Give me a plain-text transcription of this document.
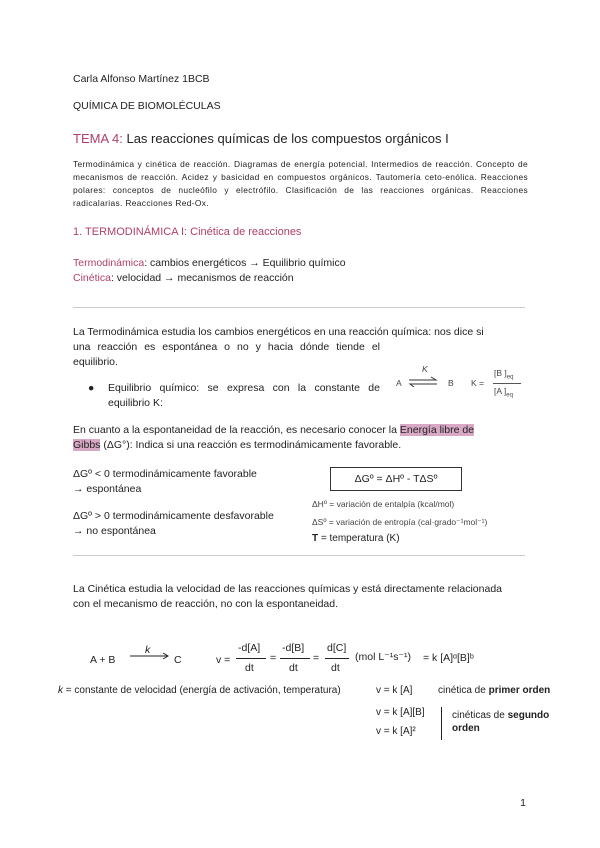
Carla Alfonso Martínez 1BCB

QUÍMICA DE BIOMOLÉCULAS

TEMA 4: Las reacciones químicas de los compuestos orgánicos I

Termodinámica y cinética de reacción. Diagramas de energía potencial. Intermedios de reacción. Concepto de mecanismos de reacción. Acidez y basicidad en compuestos orgánicos. Tautomería ceto-enólica. Reacciones polares: conceptos de nucleófilo y electrófilo. Clasificación de las reacciones orgánicas. Reacciones radicalarias. Reacciones Red-Ox.

1. TERMODINÁMICA I: Cinética de reacciones

Termodinámica: cambios energéticos → Equilibrio químico
Cinética: velocidad → mecanismos de reacción

La Termodinámica estudia los cambios energéticos en una reacción química: nos dice si

una reacción es espontánea o no y hacia dónde tiende el

equilibrio.

● Equilibrio químico: se expresa con la constante de equilibrio K:
A
K
⇌ B K =
[B ]$_{eq}$
[A ]$_{eq}$

En cuanto a la espontaneidad de la reacción, es necesario conocer la Energía libre de

Gibbs (ΔG°): Indica si una reacción es termodinámicamente favorable.

ΔGº < 0 termodinámicamente favorable

→ espontánea

ΔGº > 0 termodinámicamente desfavorable

→ no espontánea

ΔGº = ΔHº - TΔSº

ΔHº = variación de entalpía (kcal/mol)

ΔSº = variación de entropía (cal·grado⁻¹mol⁻¹)

T = temperatura (K)

La Cinética estudia la velocidad de las reacciones químicas y está directamente relacionada

con el mecanismo de reacción, no con la espontaneidad.

A + B
k
→ C	v =
-d[A]
dt
=
-d[B]
dt
=
d[C]
dt
(mol L⁻¹s⁻¹) = k [A]ᵅ[B]ᵇ

k = constante de velocidad (energía de activación, temperatura)	v = k [A]	cinética de primer orden

v = k [A][B]

v = k [A]²

cinéticas de segundo

orden

1
